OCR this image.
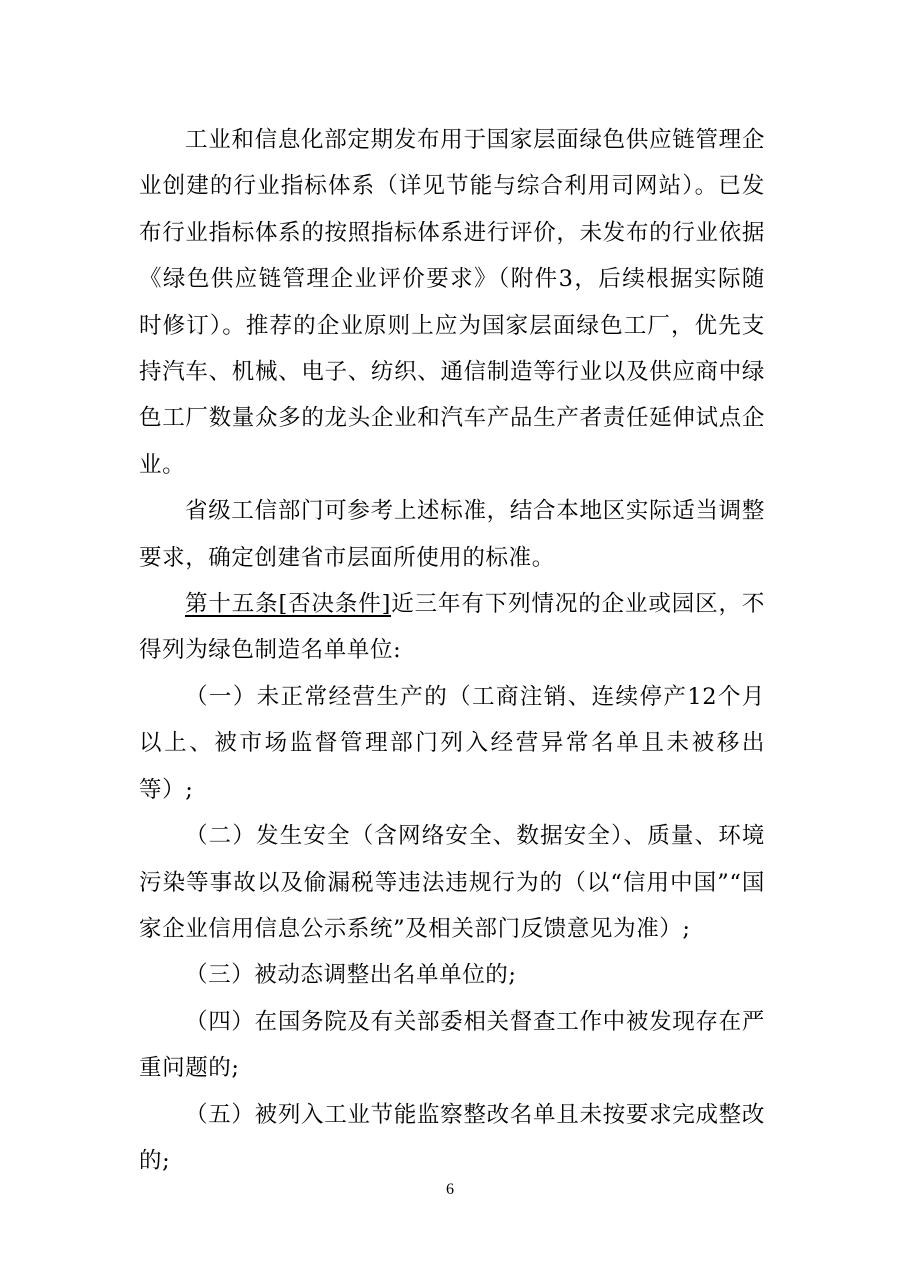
工业和信息化部定期发布用于国家层面绿色供应链管理企业创建的行业指标体系（详见节能与综合利用司网站）。已发布行业指标体系的按照指标体系进行评价，未发布的行业依据《绿色供应链管理企业评价要求》（附件3，后续根据实际随时修订）。推荐的企业原则上应为国家层面绿色工厂，优先支持汽车、机械、电子、纺织、通信制造等行业以及供应商中绿色工厂数量众多的龙头企业和汽车产品生产者责任延伸试点企业。

省级工信部门可参考上述标准，结合本地区实际适当调整要求，确定创建省市层面所使用的标准。

第十五条[否决条件]近三年有下列情况的企业或园区，不得列为绿色制造名单单位:

（一）未正常经营生产的（工商注销、连续停产12个月以上、被市场监督管理部门列入经营异常名单且未被移出等）;

（二）发生安全（含网络安全、数据安全）、质量、环境污染等事故以及偷漏税等违法违规行为的（以“信用中国”“国家企业信用信息公示系统”及相关部门反馈意见为准）;

（三）被动态调整出名单单位的;

（四）在国务院及有关部委相关督查工作中被发现存在严重问题的;

（五）被列入工业节能监察整改名单且未按要求完成整改的;

6
